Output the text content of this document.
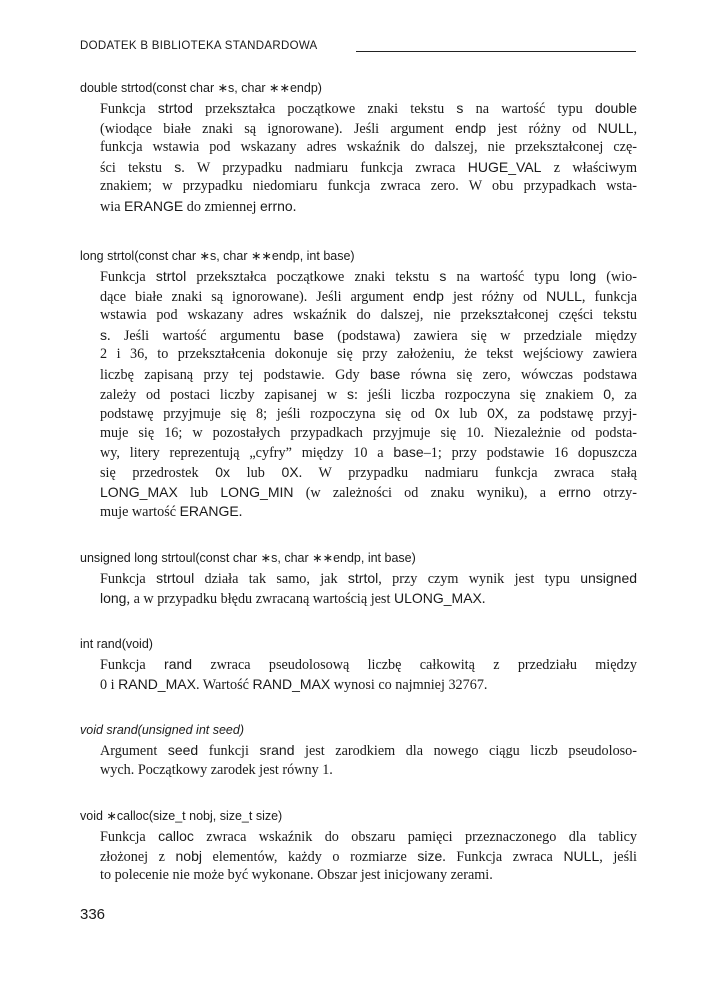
DODATEK B BIBLIOTEKA STANDARDOWA
double strtod(const char ∗s, char ∗∗endp)
Funkcja strtod przekształca początkowe znaki tekstu s na wartość typu double
(wiodące białe znaki są ignorowane). Jeśli argument endp jest różny od NULL,
funkcja wstawia pod wskazany adres wskaźnik do dalszej, nie przekształconej czę-
ści tekstu s. W przypadku nadmiaru funkcja zwraca HUGE_VAL z właściwym
znakiem; w przypadku niedomiaru funkcja zwraca zero. W obu przypadkach wsta-
wia ERANGE do zmiennej errno.
long strtol(const char ∗s, char ∗∗endp, int base)
Funkcja strtol przekształca początkowe znaki tekstu s na wartość typu long (wio-
dące białe znaki są ignorowane). Jeśli argument endp jest różny od NULL, funkcja
wstawia pod wskazany adres wskaźnik do dalszej, nie przekształconej części tekstu
s. Jeśli wartość argumentu base (podstawa) zawiera się w przedziale między
2 i 36, to przekształcenia dokonuje się przy założeniu, że tekst wejściowy zawiera
liczbę zapisaną przy tej podstawie. Gdy base równa się zero, wówczas podstawa
zależy od postaci liczby zapisanej w s: jeśli liczba rozpoczyna się znakiem 0, za
podstawę przyjmuje się 8; jeśli rozpoczyna się od 0x lub 0X, za podstawę przyj-
muje się 16; w pozostałych przypadkach przyjmuje się 10. Niezależnie od podsta-
wy, litery reprezentują „cyfry” między 10 a base–1; przy podstawie 16 dopuszcza
się przedrostek 0x lub 0X. W przypadku nadmiaru funkcja zwraca stałą
LONG_MAX lub LONG_MIN (w zależności od znaku wyniku), a errno otrzy-
muje wartość ERANGE.
unsigned long strtoul(const char ∗s, char ∗∗endp, int base)
Funkcja strtoul działa tak samo, jak strtol, przy czym wynik jest typu unsigned
long, a w przypadku błędu zwracaną wartością jest ULONG_MAX.
int rand(void)
Funkcja rand zwraca pseudolosową liczbę całkowitą z przedziału między
0 i RAND_MAX. Wartość RAND_MAX wynosi co najmniej 32767.
void srand(unsigned int seed)
Argument seed funkcji srand jest zarodkiem dla nowego ciągu liczb pseudoloso-
wych. Początkowy zarodek jest równy 1.
void ∗calloc(size_t nobj, size_t size)
Funkcja calloc zwraca wskaźnik do obszaru pamięci przeznaczonego dla tablicy
złożonej z nobj elementów, każdy o rozmiarze size. Funkcja zwraca NULL, jeśli
to polecenie nie może być wykonane. Obszar jest inicjowany zerami.
336
